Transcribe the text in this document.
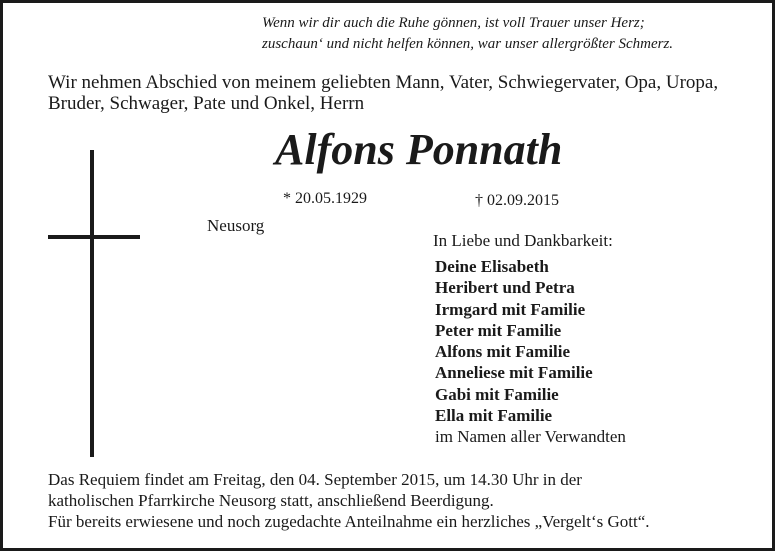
Wenn wir dir auch die Ruhe gönnen, ist voll Trauer unser Herz;
zuschaun‘ und nicht helfen können, war unser allergrößter Schmerz.
Wir nehmen Abschied von meinem geliebten Mann, Vater, Schwiegervater, Opa, Uropa,
Bruder, Schwager, Pate und Onkel, Herrn
Alfons Ponnath
* 20.05.1929	† 02.09.2015
Neusorg
In Liebe und Dankbarkeit:
Deine Elisabeth
Heribert und Petra
Irmgard mit Familie
Peter mit Familie
Alfons mit Familie
Anneliese mit Familie
Gabi mit Familie
Ella mit Familie
im Namen aller Verwandten
Das Requiem findet am Freitag, den 04. September 2015, um 14.30 Uhr in der
katholischen Pfarrkirche Neusorg statt, anschließend Beerdigung.
Für bereits erwiesene und noch zugedachte Anteilnahme ein herzliches „Vergelt‘s Gott“.
